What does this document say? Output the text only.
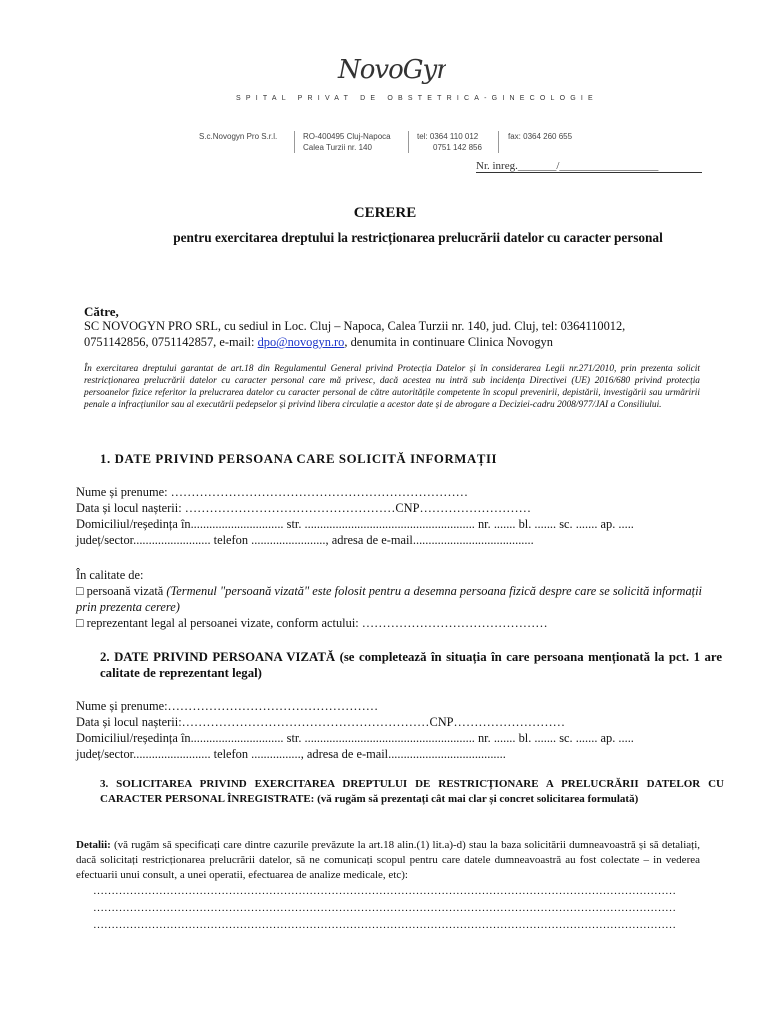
NovoGyn
SPITAL PRIVAT DE OBSTETRICA-GINECOLOGIE
S.c.Novogyn Pro S.r.l.	RO-400495 Cluj-Napoca
Calea Turzii nr. 140
tel: 0364 110 012
0751 142 856
fax: 0364 260 655
Nr. inreg._______/__________________
CERERE
pentru exercitarea dreptului la restricționarea prelucrării datelor cu caracter personal
Către,
SC NOVOGYN PRO SRL, cu sediul in Loc. Cluj – Napoca, Calea Turzii nr. 140, jud. Cluj, tel: 0364110012,
0751142856, 0751142857, e-mail: dpo@novogyn.ro, denumita in continuare Clinica Novogyn
În exercitarea dreptului garantat de art.18 din Regulamentul General privind Protecția Datelor și în considerarea Legii nr.271/2010, prin prezenta solicit restricționarea prelucrării datelor cu caracter personal care mă privesc, dacă acestea nu intră sub incidența Directivei (UE) 2016/680 privind protecția persoanelor fizice referitor la prelucrarea datelor cu caracter personal de către autoritățile competente în scopul prevenirii, depistării, investigării sau urmăririi penale a infracțiunilor sau al executării pedepselor și privind libera circulație a acestor date și de abrogare a Deciziei-cadru 2008/977/JAI a Consiliului.
1. DATE PRIVIND PERSOANA CARE SOLICITĂ INFORMAȚII
Nume și prenume: ………………………………………………………………
Data și locul nașterii: ……………………………………………CNP………………………
Domiciliul/reședința în.............................. str. ....................................................... nr. ....... bl. ....... sc. ....... ap. .....
județ/sector......................... telefon ........................, adresa de e-mail.......................................
În calitate de:
□ persoană vizată (Termenul "persoană vizată" este folosit pentru a desemna persoana fizică despre care se solicită informații prin prezenta cerere)
□ reprezentant legal al persoanei vizate, conform actului: ………………………………………
2. DATE PRIVIND PERSOANA VIZATĂ (se completează în situația în care persoana menționată la pct. 1 are calitate de reprezentant legal)
Nume și prenume:……………………………………………
Data și locul nașterii:……………………………………………………CNP………………………
Domiciliul/reședința în.............................. str. ....................................................... nr. ....... bl. ....... sc. ....... ap. .....
județ/sector......................... telefon ................, adresa de e-mail......................................
3. SOLICITAREA PRIVIND EXERCITAREA DREPTULUI DE RESTRICȚIONARE A PRELUCRĂRII DATELOR CU CARACTER PERSONAL ÎNREGISTRATE: (vă rugăm să prezentați cât mai clar și concret solicitarea formulată)
Detalii: (vă rugăm să specificați care dintre cazurile prevăzute la art.18 alin.(1) lit.a)-d) stau la baza solicitării dumneavoastră și să detaliați, dacă solicitați restricționarea prelucrării datelor, să ne comunicați scopul pentru care datele dumneavoastră au fost colectate – in vederea efectuarii unui consult, a unei operatii, efectuarea de analize medicale, etc):
……………………………………………………………………………………………………………………………………………
……………………………………………………………………………………………………………………………………………
……………………………………………………………………………………………………………………………………………
